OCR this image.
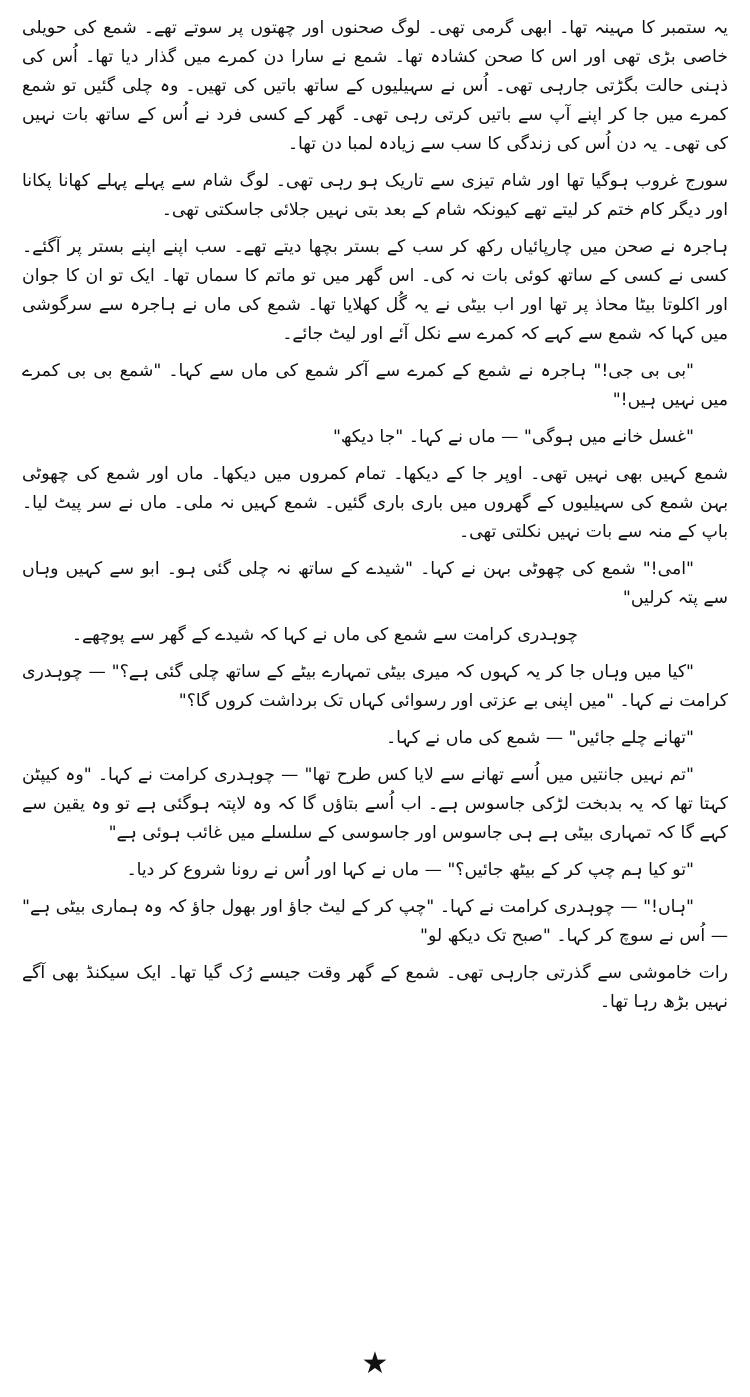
یہ ستمبر کا مہینہ تھا۔ ابھی گرمی تھی۔ لوگ صحنوں اور چھتوں پر سوتے تھے۔ شمع کی حویلی خاصی بڑی تھی اور اس کا صحن کشادہ تھا۔ شمع نے سارا دن کمرے میں گذار دیا تھا۔ اُس کی ذہنی حالت بگڑتی جارہی تھی۔ اُس نے سہیلیوں کے ساتھ باتیں کی تھیں۔ وہ چلی گئیں تو شمع کمرے میں جا کر اپنے آپ سے باتیں کرتی رہی تھی۔ گھر کے کسی فرد نے اُس کے ساتھ بات نہیں کی تھی۔ یہ دن اُس کی زندگی کا سب سے زیادہ لمبا دن تھا۔

سورج غروب ہوگیا تھا اور شام تیزی سے تاریک ہو رہی تھی۔ لوگ شام سے پہلے پہلے کھانا پکانا اور دیگر کام ختم کر لیتے تھے کیونکہ شام کے بعد بتی نہیں جلائی جاسکتی تھی۔

ہاجرہ نے صحن میں چارپائیاں رکھ کر سب کے بستر بچھا دیتے تھے۔ سب اپنے اپنے بستر پر آگئے۔ کسی نے کسی کے ساتھ کوئی بات نہ کی۔ اس گھر میں تو ماتم کا سماں تھا۔ ایک تو ان کا جوان اور اکلوتا بیٹا محاذ پر تھا اور اب بیٹی نے یہ گُل کھلایا تھا۔ شمع کی ماں نے ہاجرہ سے سرگوشی میں کہا کہ شمع سے کہے کہ کمرے سے نکل آئے اور لیٹ جائے۔

"بی بی جی!" ہاجرہ نے شمع کے کمرے سے آکر شمع کی ماں سے کہا۔ "شمع بی بی کمرے میں نہیں ہیں!"

"غسل خانے میں ہوگی" — ماں نے کہا۔ "جا دیکھ"

شمع کہیں بھی نہیں تھی۔ اوپر جا کے دیکھا۔ تمام کمروں میں دیکھا۔ ماں اور شمع کی چھوٹی بہن شمع کی سہیلیوں کے گھروں میں باری باری گئیں۔ شمع کہیں نہ ملی۔ ماں نے سر پیٹ لیا۔ باپ کے منہ سے بات نہیں نکلتی تھی۔

"امی!" شمع کی چھوٹی بہن نے کہا۔ "شیدے کے ساتھ نہ چلی گئی ہو۔ ابو سے کہیں وہاں سے پتہ کرلیں"

چوہدری کرامت سے شمع کی ماں نے کہا کہ شیدے کے گھر سے پوچھے۔

"کیا میں وہاں جا کر یہ کہوں کہ میری بیٹی تمہارے بیٹے کے ساتھ چلی گئی ہے؟" — چوہدری کرامت نے کہا۔ "میں اپنی بے عزتی اور رسوائی کہاں تک برداشت کروں گا؟"

"تھانے چلے جائیں" — شمع کی ماں نے کہا۔

"تم نہیں جانتیں میں اُسے تھانے سے لایا کس طرح تھا" — چوہدری کرامت نے کہا۔ "وہ کیپٹن کہتا تھا کہ یہ بدبخت لڑکی جاسوس ہے۔ اب اُسے بتاؤں گا کہ وہ لاپتہ ہوگئی ہے تو وہ یقین سے کہے گا کہ تمہاری بیٹی ہے ہی جاسوس اور جاسوسی کے سلسلے میں غائب ہوئی ہے"

"تو کیا ہم چپ کر کے بیٹھ جائیں؟" — ماں نے کہا اور اُس نے رونا شروع کر دیا۔

"ہاں!" — چوہدری کرامت نے کہا۔ "چپ کر کے لیٹ جاؤ اور بھول جاؤ کہ وہ ہماری بیٹی ہے" — اُس نے سوچ کر کہا۔ "صبح تک دیکھ لو"

رات خاموشی سے گذرتی جارہی تھی۔ شمع کے گھر وقت جیسے رُک گیا تھا۔ ایک سیکنڈ بھی آگے نہیں بڑھ رہا تھا۔

★
